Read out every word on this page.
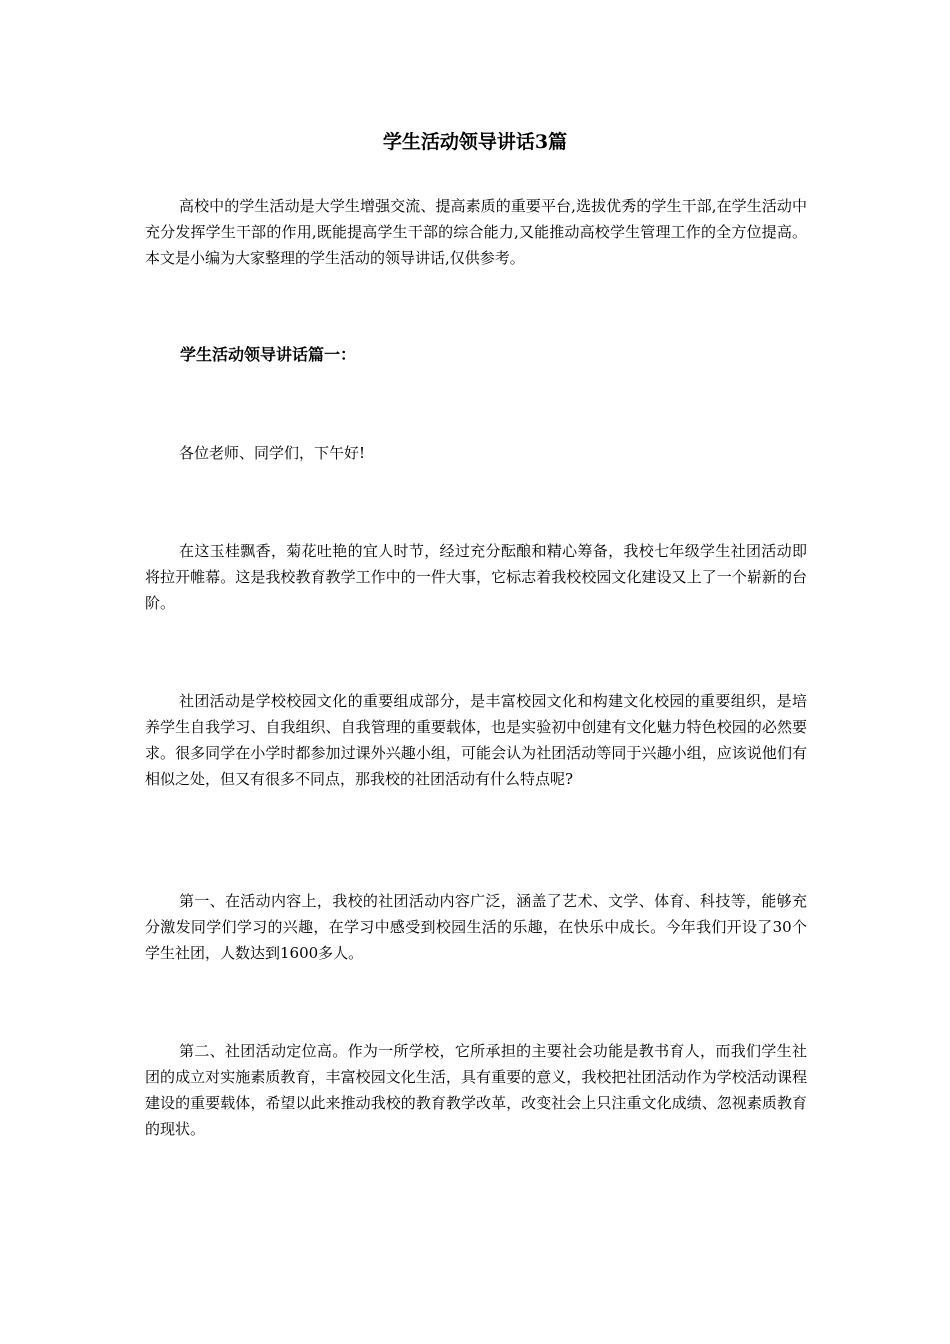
学生活动领导讲话3篇

高校中的学生活动是大学生增强交流、提高素质的重要平台,选拔优秀的学生干部,在学生活动中充分发挥学生干部的作用,既能提高学生干部的综合能力,又能推动高校学生管理工作的全方位提高。本文是小编为大家整理的学生活动的领导讲话,仅供参考。

学生活动领导讲话篇一：

各位老师、同学们，下午好!

在这玉桂飘香，菊花吐艳的宜人时节，经过充分酝酿和精心筹备，我校七年级学生社团活动即将拉开帷幕。这是我校教育教学工作中的一件大事，它标志着我校校园文化建设又上了一个崭新的台阶。

社团活动是学校校园文化的重要组成部分，是丰富校园文化和构建文化校园的重要组织，是培养学生自我学习、自我组织、自我管理的重要载体，也是实验初中创建有文化魅力特色校园的必然要求。很多同学在小学时都参加过课外兴趣小组，可能会认为社团活动等同于兴趣小组，应该说他们有相似之处，但又有很多不同点，那我校的社团活动有什么特点呢?

第一、在活动内容上，我校的社团活动内容广泛，涵盖了艺术、文学、体育、科技等，能够充分激发同学们学习的兴趣，在学习中感受到校园生活的乐趣，在快乐中成长。今年我们开设了30个学生社团，人数达到1600多人。

第二、社团活动定位高。作为一所学校，它所承担的主要社会功能是教书育人，而我们学生社团的成立对实施素质教育，丰富校园文化生活，具有重要的意义，我校把社团活动作为学校活动课程建设的重要载体，希望以此来推动我校的教育教学改革，改变社会上只注重文化成绩、忽视素质教育的现状。
